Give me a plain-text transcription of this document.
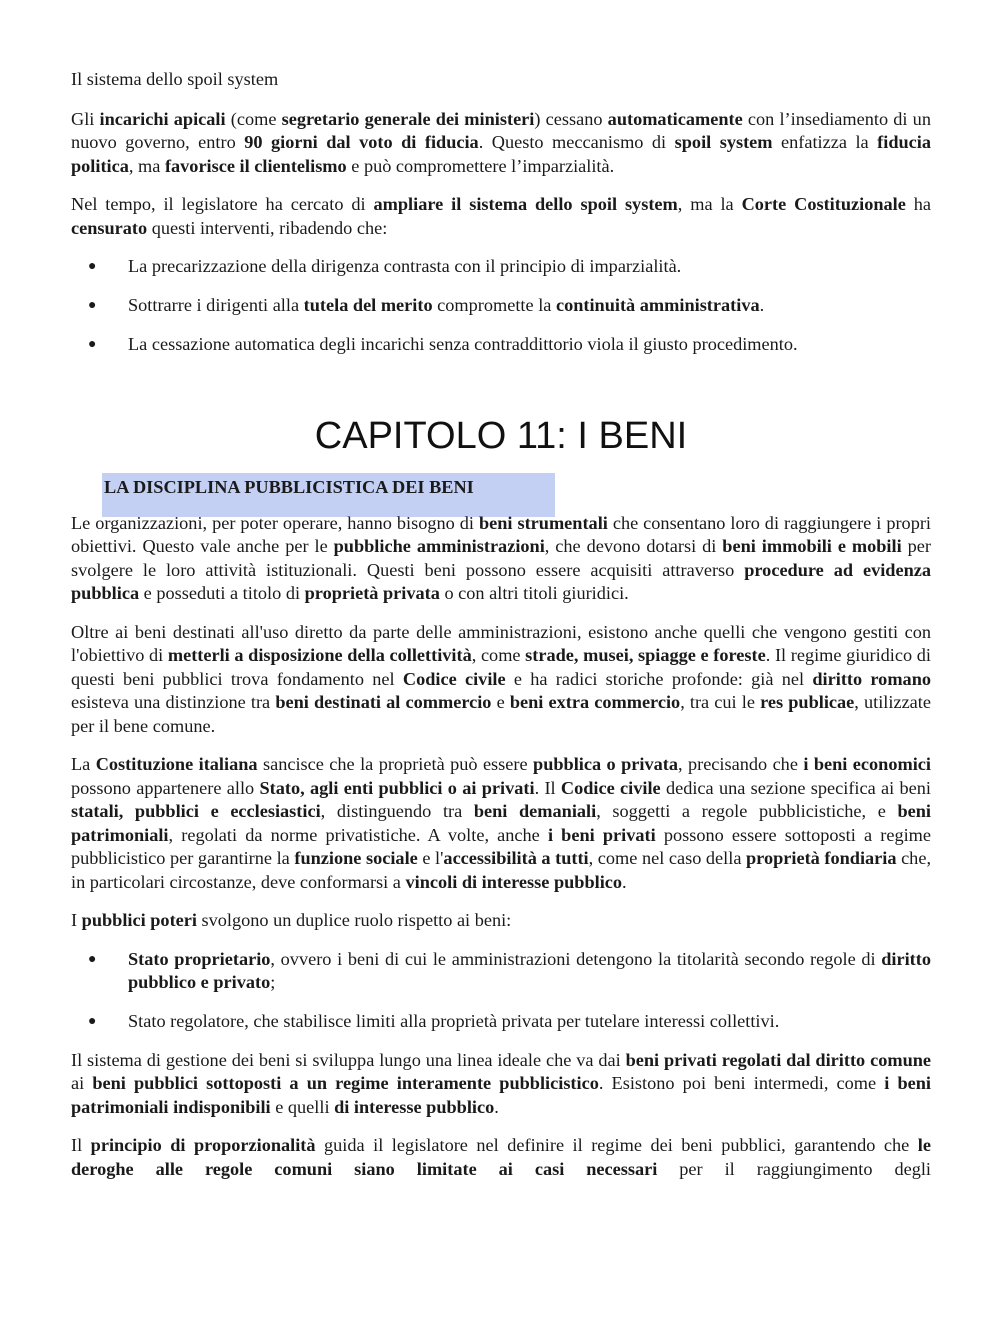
Il sistema dello spoil system

Gli incarichi apicali (come segretario generale dei ministeri) cessano automaticamente con l’insediamento di un nuovo governo, entro 90 giorni dal voto di fiducia. Questo meccanismo di spoil system enfatizza la fiducia politica, ma favorisce il clientelismo e può compromettere l’imparzialità.

Nel tempo, il legislatore ha cercato di ampliare il sistema dello spoil system, ma la Corte Costituzionale ha censurato questi interventi, ribadendo che:

● La precarizzazione della dirigenza contrasta con il principio di imparzialità.
● Sottrarre i dirigenti alla tutela del merito compromette la continuità amministrativa.
● La cessazione automatica degli incarichi senza contraddittorio viola il giusto procedimento.
CAPITOLO 11: I BENI
LA DISCIPLINA PUBBLICISTICA DEI BENI

Le organizzazioni, per poter operare, hanno bisogno di beni strumentali che consentano loro di raggiungere i propri obiettivi. Questo vale anche per le pubbliche amministrazioni, che devono dotarsi di beni immobili e mobili per svolgere le loro attività istituzionali. Questi beni possono essere acquisiti attraverso procedure ad evidenza pubblica e posseduti a titolo di proprietà privata o con altri titoli giuridici.

Oltre ai beni destinati all'uso diretto da parte delle amministrazioni, esistono anche quelli che vengono gestiti con l'obiettivo di metterli a disposizione della collettività, come strade, musei, spiagge e foreste. Il regime giuridico di questi beni pubblici trova fondamento nel Codice civile e ha radici storiche profonde: già nel diritto romano esisteva una distinzione tra beni destinati al commercio e beni extra commercio, tra cui le res publicae, utilizzate per il bene comune.

La Costituzione italiana sancisce che la proprietà può essere pubblica o privata, precisando che i beni economici possono appartenere allo Stato, agli enti pubblici o ai privati. Il Codice civile dedica una sezione specifica ai beni statali, pubblici e ecclesiastici, distinguendo tra beni demaniali, soggetti a regole pubblicistiche, e beni patrimoniali, regolati da norme privatistiche. A volte, anche i beni privati possono essere sottoposti a regime pubblicistico per garantirne la funzione sociale e l'accessibilità a tutti, come nel caso della proprietà fondiaria che, in particolari circostanze, deve conformarsi a vincoli di interesse pubblico.

I pubblici poteri svolgono un duplice ruolo rispetto ai beni:

● Stato proprietario, ovvero i beni di cui le amministrazioni detengono la titolarità secondo regole di diritto pubblico e privato;
● Stato regolatore, che stabilisce limiti alla proprietà privata per tutelare interessi collettivi.

Il sistema di gestione dei beni si sviluppa lungo una linea ideale che va dai beni privati regolati dal diritto comune ai beni pubblici sottoposti a un regime interamente pubblicistico. Esistono poi beni intermedi, come i beni patrimoniali indisponibili e quelli di interesse pubblico.

Il principio di proporzionalità guida il legislatore nel definire il regime dei beni pubblici, garantendo che le deroghe alle regole comuni siano limitate ai casi necessari per il raggiungimento degli
